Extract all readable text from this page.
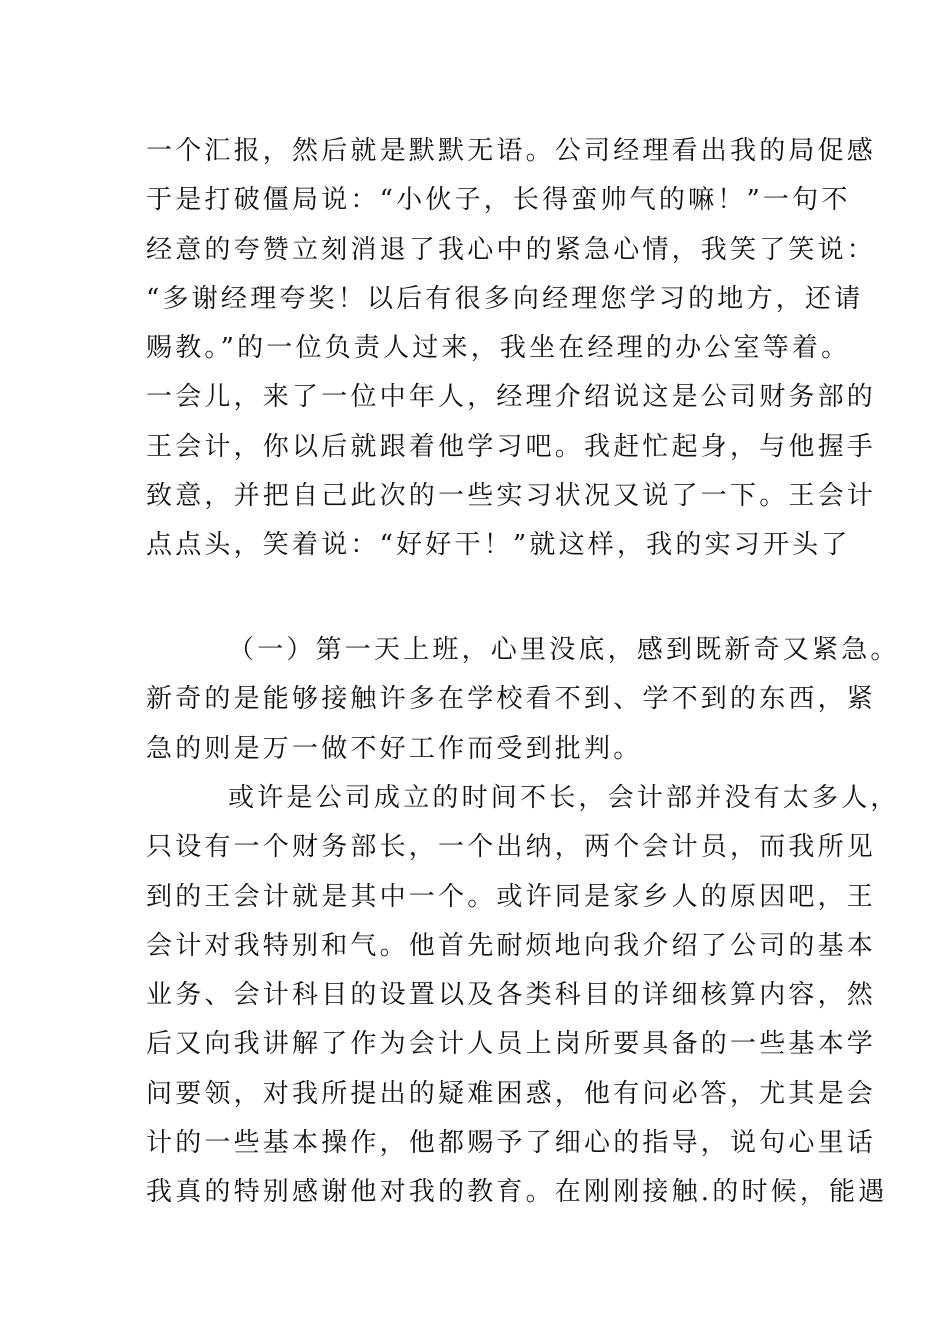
一个汇报，然后就是默默无语。公司经理看出我的局促感
于是打破僵局说：“小伙子，长得蛮帅气的嘛！”一句不
经意的夸赞立刻消退了我心中的紧急心情，我笑了笑说：
“多谢经理夸奖！以后有很多向经理您学习的地方，还请
赐教。”的一位负责人过来，我坐在经理的办公室等着。
一会儿，来了一位中年人，经理介绍说这是公司财务部的
王会计，你以后就跟着他学习吧。我赶忙起身，与他握手
致意，并把自己此次的一些实习状况又说了一下。王会计
点点头，笑着说：“好好干！”就这样，我的实习开头了
（一）第一天上班，心里没底，感到既新奇又紧急。
新奇的是能够接触许多在学校看不到、学不到的东西，紧
急的则是万一做不好工作而受到批判。
或许是公司成立的时间不长，会计部并没有太多人，
只设有一个财务部长，一个出纳，两个会计员，而我所见
到的王会计就是其中一个。或许同是家乡人的原因吧，王
会计对我特别和气。他首先耐烦地向我介绍了公司的基本
业务、会计科目的设置以及各类科目的详细核算内容，然
后又向我讲解了作为会计人员上岗所要具备的一些基本学
问要领，对我所提出的疑难困惑，他有问必答，尤其是会
计的一些基本操作，他都赐予了细心的指导，说句心里话
我真的特别感谢他对我的教育。在刚刚接触.的时候，能遇
